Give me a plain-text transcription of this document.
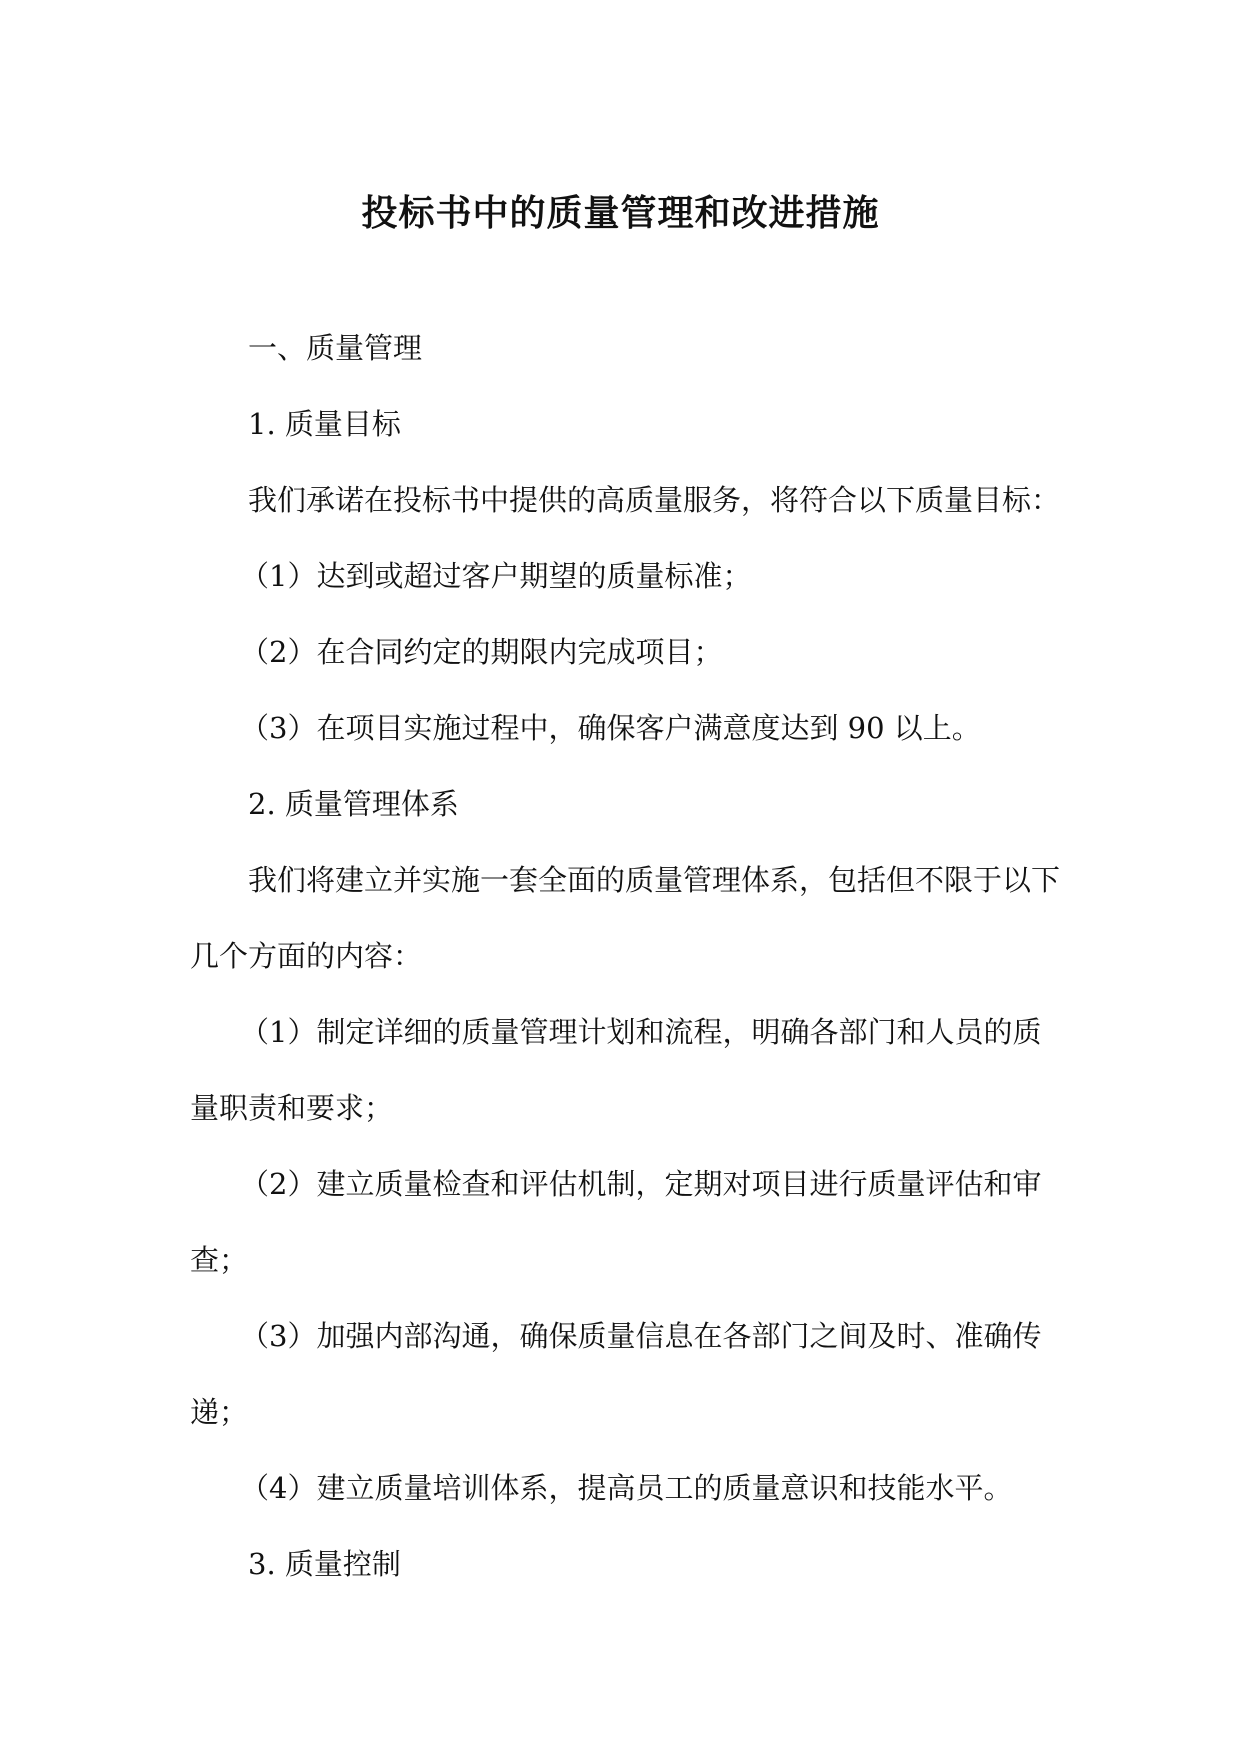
投标书中的质量管理和改进措施
一、质量管理
1. 质量目标
我们承诺在投标书中提供的高质量服务，将符合以下质量目标：
（1）达到或超过客户期望的质量标准；
（2）在合同约定的期限内完成项目；
（3）在项目实施过程中，确保客户满意度达到 90 以上。
2. 质量管理体系
我们将建立并实施一套全面的质量管理体系，包括但不限于以下
几个方面的内容：
（1）制定详细的质量管理计划和流程，明确各部门和人员的质
量职责和要求；
（2）建立质量检查和评估机制，定期对项目进行质量评估和审
查；
（3）加强内部沟通，确保质量信息在各部门之间及时、准确传
递；
（4）建立质量培训体系，提高员工的质量意识和技能水平。
3. 质量控制
